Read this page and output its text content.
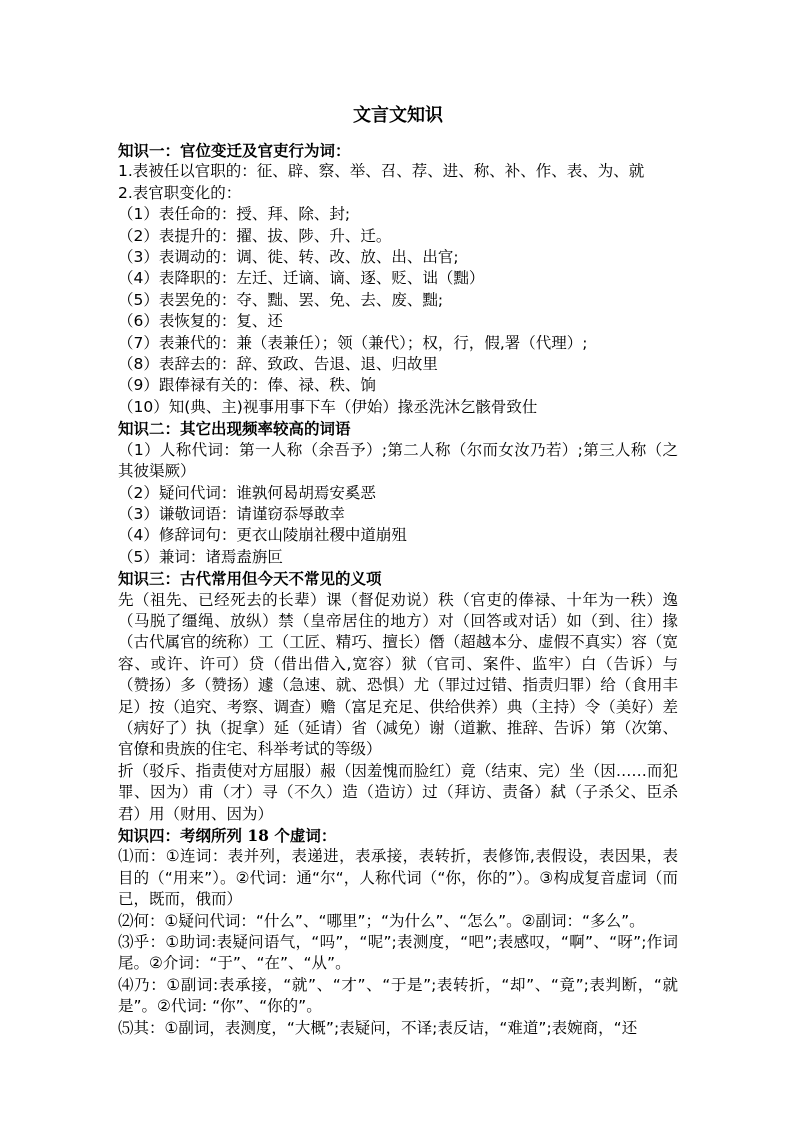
文言文知识
知识一：官位变迁及官吏行为词：
1.表被任以官职的：征、辟、察、举、召、荐、进、称、补、作、表、为、就
2.表官职变化的：
（1）表任命的：授、拜、除、封;
（2）表提升的：擢、拔、陟、升、迁。
（3）表调动的：调、徙、转、改、放、出、出官;
（4）表降职的：左迁、迁谪、谪、逐、贬、诎（黜）
（5）表罢免的：夺、黜、罢、免、去、废、黜;
（6）表恢复的：复、还
（7）表兼代的：兼（表兼任）；领（兼代）；权，行，假,署（代理）;
（8）表辞去的：辞、致政、告退、退、归故里
（9）跟俸禄有关的：俸、禄、秩、饷
（10）知(典、主)视事用事下车（伊始）掾丞洗沐乞骸骨致仕
知识二：其它出现频率较高的词语
（1）人称代词：第一人称（余吾予）;第二人称（尔而女汝乃若）;第三人称（之其彼渠厥）
（2）疑问代词：谁孰何曷胡焉安奚恶
（3）谦敬词语：请谨窃忝辱敢幸
（4）修辞词句：更衣山陵崩社稷中道崩殂
（5）兼词：诸焉盍旃叵
知识三：古代常用但今天不常见的义项
先（祖先、已经死去的长辈）课（督促劝说）秩（官吏的俸禄、十年为一秩）逸（马脱了缰绳、放纵）禁（皇帝居住的地方）对（回答或对话）如（到、往）掾（古代属官的统称）工（工匠、精巧、擅长）僭（超越本分、虚假不真实）容（宽容、或许、许可）贷（借出借入,宽容）狱（官司、案件、监牢）白（告诉）与（赞扬）多（赞扬）遽（急速、就、恐惧）尤（罪过过错、指责归罪）给（食用丰足）按（追究、考察、调查）赡（富足充足、供给供养）典（主持）令（美好）差（病好了）执（捉拿）延（延请）省（减免）谢（道歉、推辞、告诉）第（次第、官僚和贵族的住宅、科举考试的等级）
折（驳斥、指责使对方屈服）赧（因羞愧而脸红）竟（结束、完）坐（因……而犯罪、因为）甫（才）寻（不久）造（造访）过（拜访、责备）弑（子杀父、臣杀君）用（财用、因为）
知识四：考纲所列 18 个虚词：
⑴而：①连词：表并列，表递进，表承接，表转折，表修饰,表假设，表因果，表目的（“用来”）。②代词：通“尔“，人称代词（“你，你的”）。③构成复音虚词（而已，既而，俄而）
⑵何：①疑问代词：“什么”、“哪里”；“为什么”、“怎么”。②副词：“多么”。
⑶乎：①助词:表疑问语气，“吗”，“呢”;表测度，“吧”;表感叹，“啊”、“呀”;作词尾。②介词：“于”、“在”、“从”。
⑷乃：①副词:表承接，“就”、“才”、“于是”;表转折，“却”、“竟”;表判断，“就是”。②代词: “你”、“你的”。
⑸其：①副词，表测度，“大概”;表疑问，不译;表反诘，“难道”;表婉商，“还
